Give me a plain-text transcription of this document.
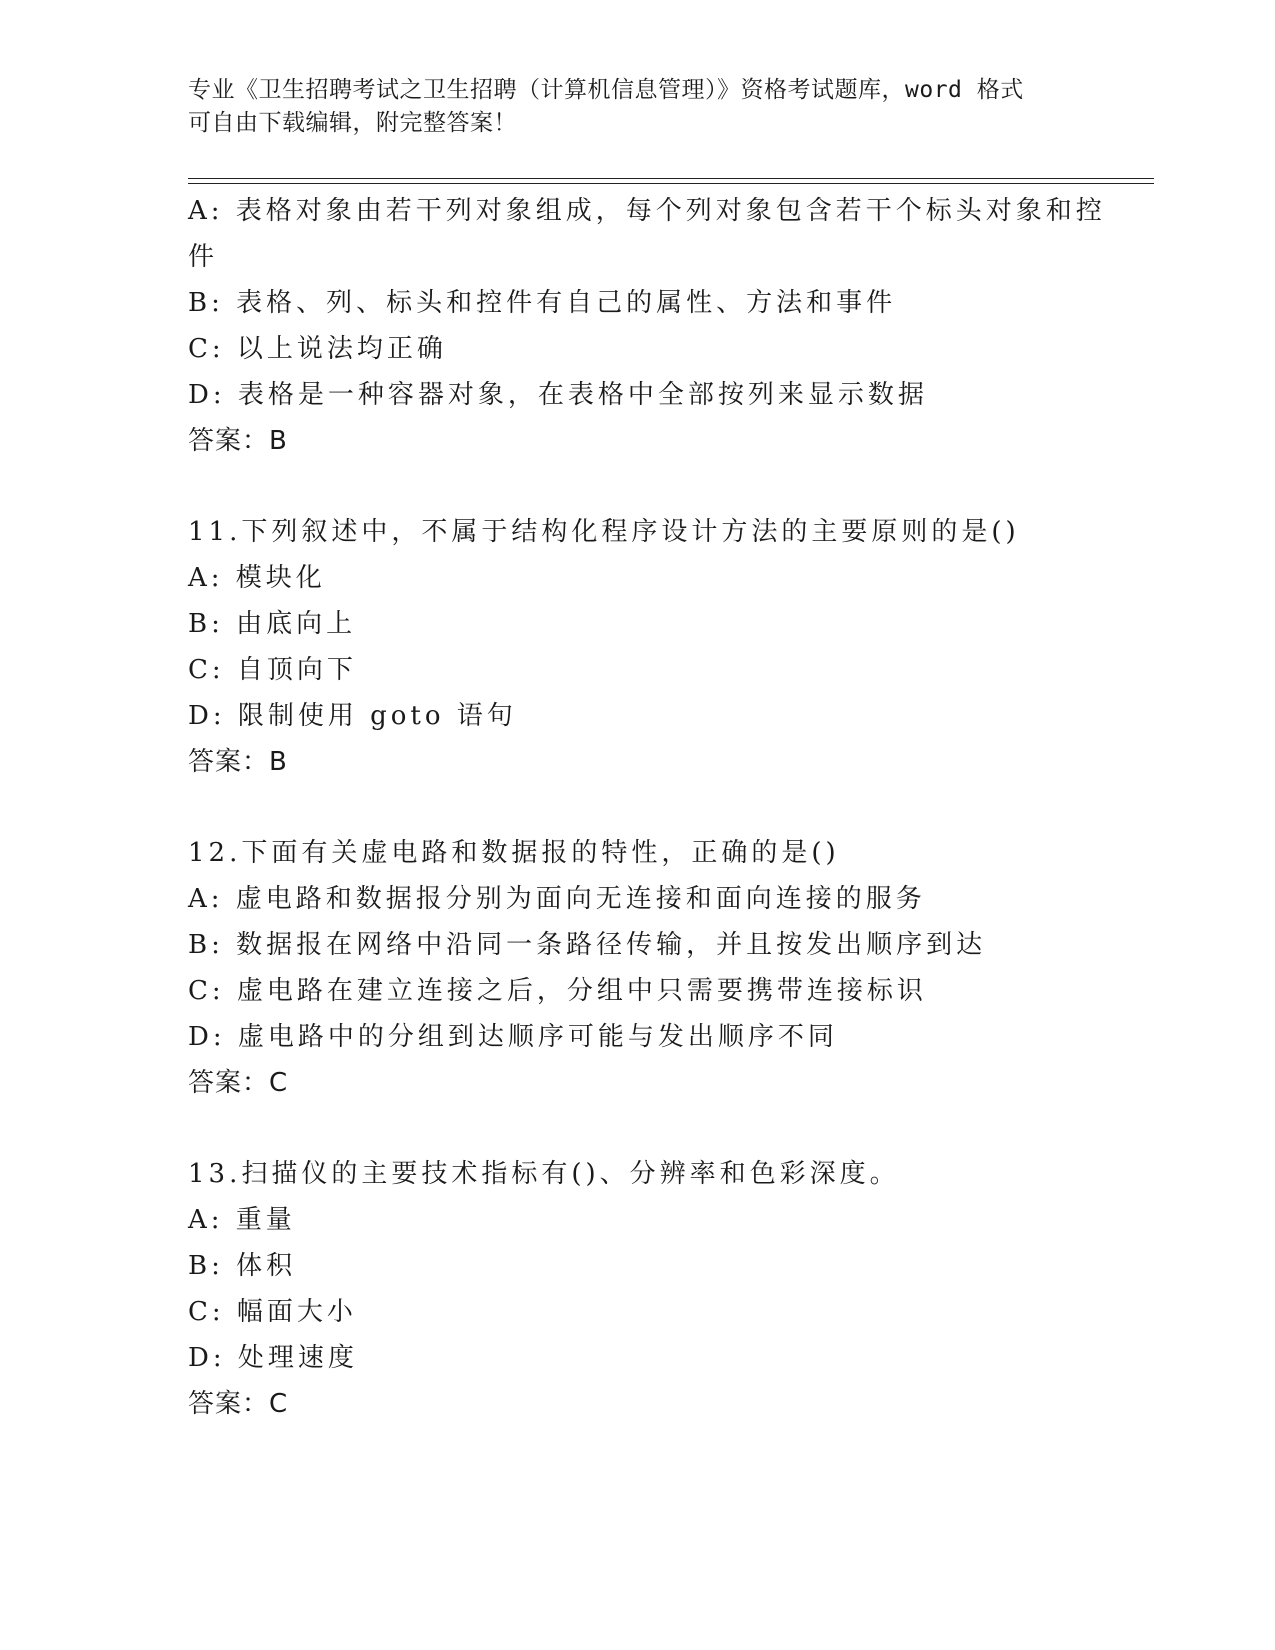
专业《卫生招聘考试之卫生招聘（计算机信息管理）》资格考试题库，word 格式
可自由下载编辑，附完整答案！
A: 表格对象由若干列对象组成，每个列对象包含若干个标头对象和控
件
B: 表格、列、标头和控件有自己的属性、方法和事件
C: 以上说法均正确
D: 表格是一种容器对象，在表格中全部按列来显示数据
答案：B
11.下列叙述中，不属于结构化程序设计方法的主要原则的是()
A: 模块化
B: 由底向上
C: 自顶向下
D: 限制使用 goto 语句
答案：B
12.下面有关虚电路和数据报的特性，正确的是()
A: 虚电路和数据报分别为面向无连接和面向连接的服务
B: 数据报在网络中沿同一条路径传输，并且按发出顺序到达
C: 虚电路在建立连接之后，分组中只需要携带连接标识
D: 虚电路中的分组到达顺序可能与发出顺序不同
答案：C
13.扫描仪的主要技术指标有()、分辨率和色彩深度。
A: 重量
B: 体积
C: 幅面大小
D: 处理速度
答案：C
